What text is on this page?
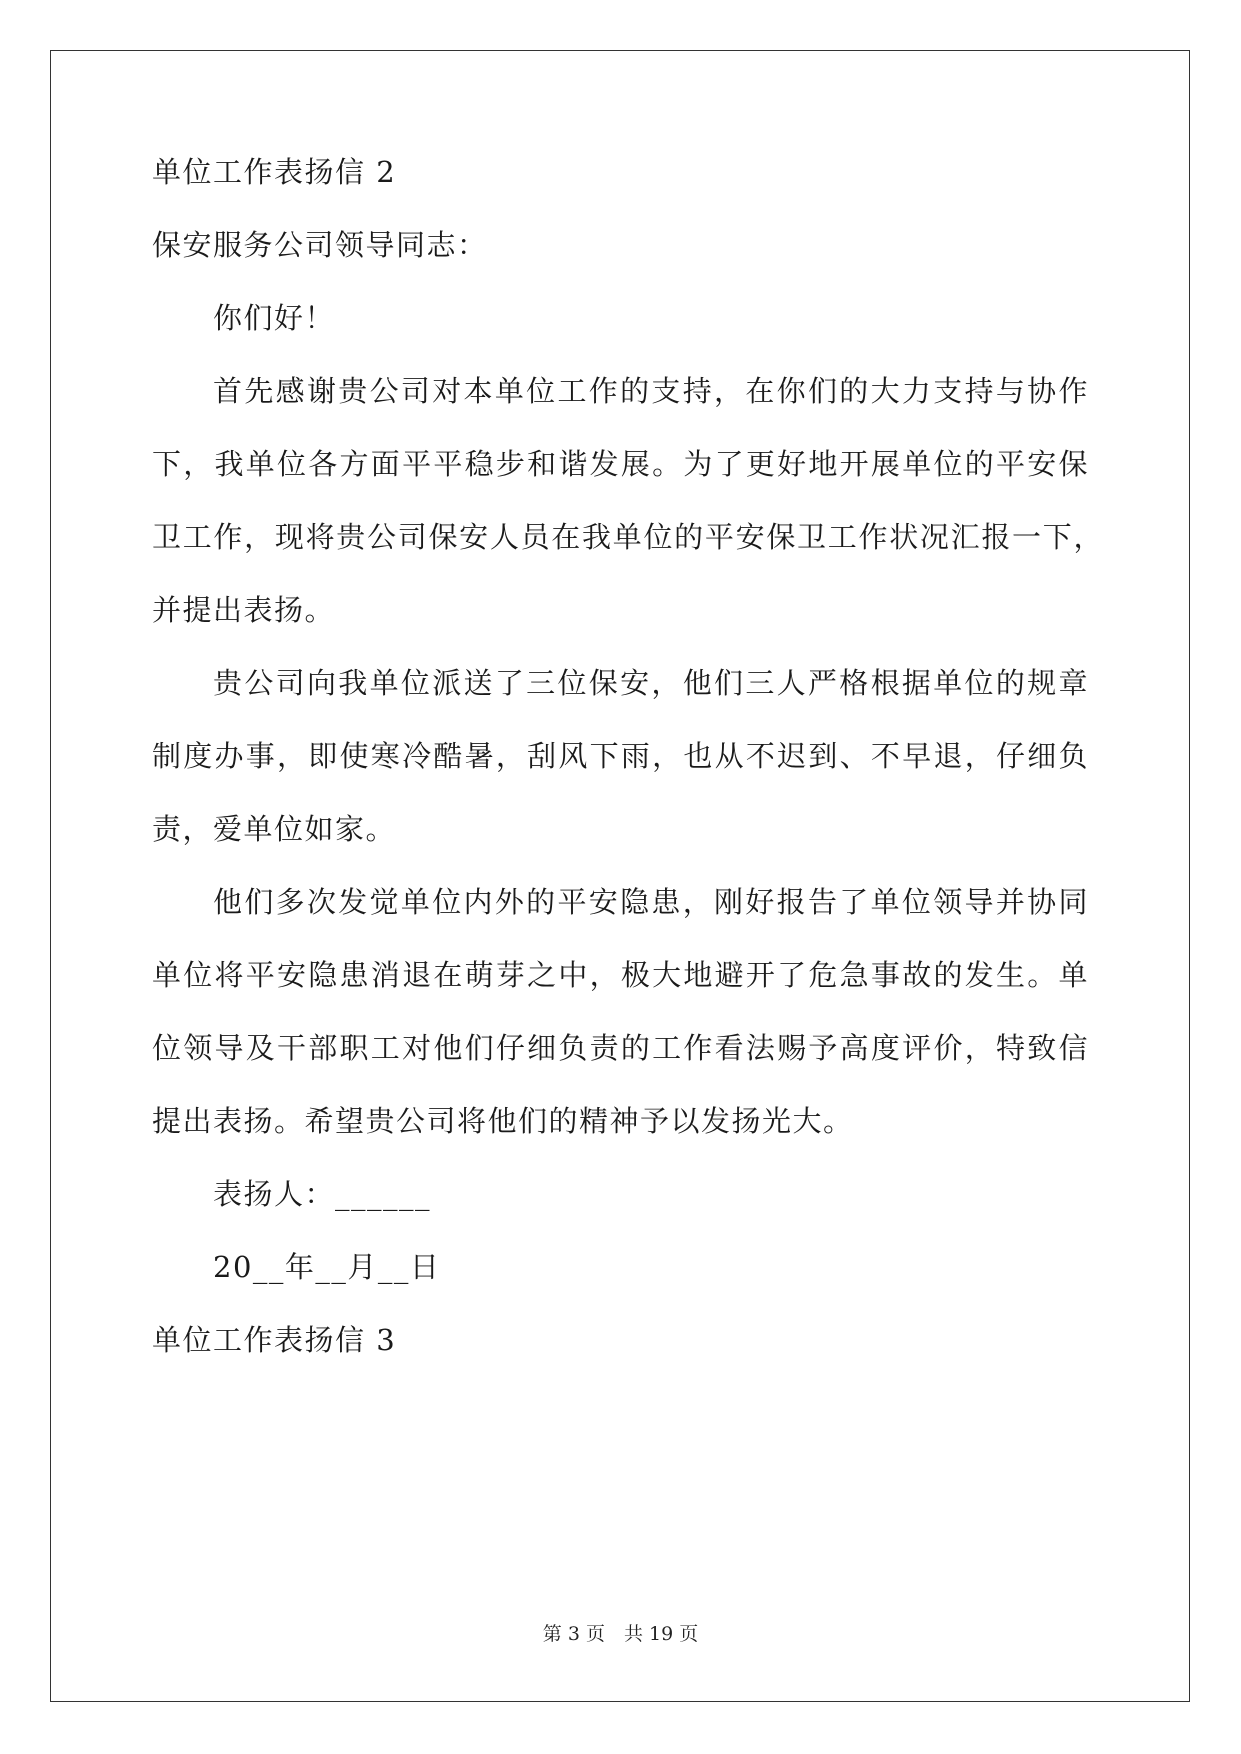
单位工作表扬信 2
保安服务公司领导同志：
你们好！
首先感谢贵公司对本单位工作的支持，在你们的大力支持与协作
下，我单位各方面平平稳步和谐发展。为了更好地开展单位的平安保
卫工作，现将贵公司保安人员在我单位的平安保卫工作状况汇报一下，
并提出表扬。
贵公司向我单位派送了三位保安，他们三人严格根据单位的规章
制度办事，即使寒冷酷暑，刮风下雨，也从不迟到、不早退，仔细负
责，爱单位如家。
他们多次发觉单位内外的平安隐患，刚好报告了单位领导并协同
单位将平安隐患消退在萌芽之中，极大地避开了危急事故的发生。单
位领导及干部职工对他们仔细负责的工作看法赐予高度评价，特致信
提出表扬。希望贵公司将他们的精神予以发扬光大。
表扬人：______
20__年__月__日
单位工作表扬信 3
第 3 页　共 19 页
